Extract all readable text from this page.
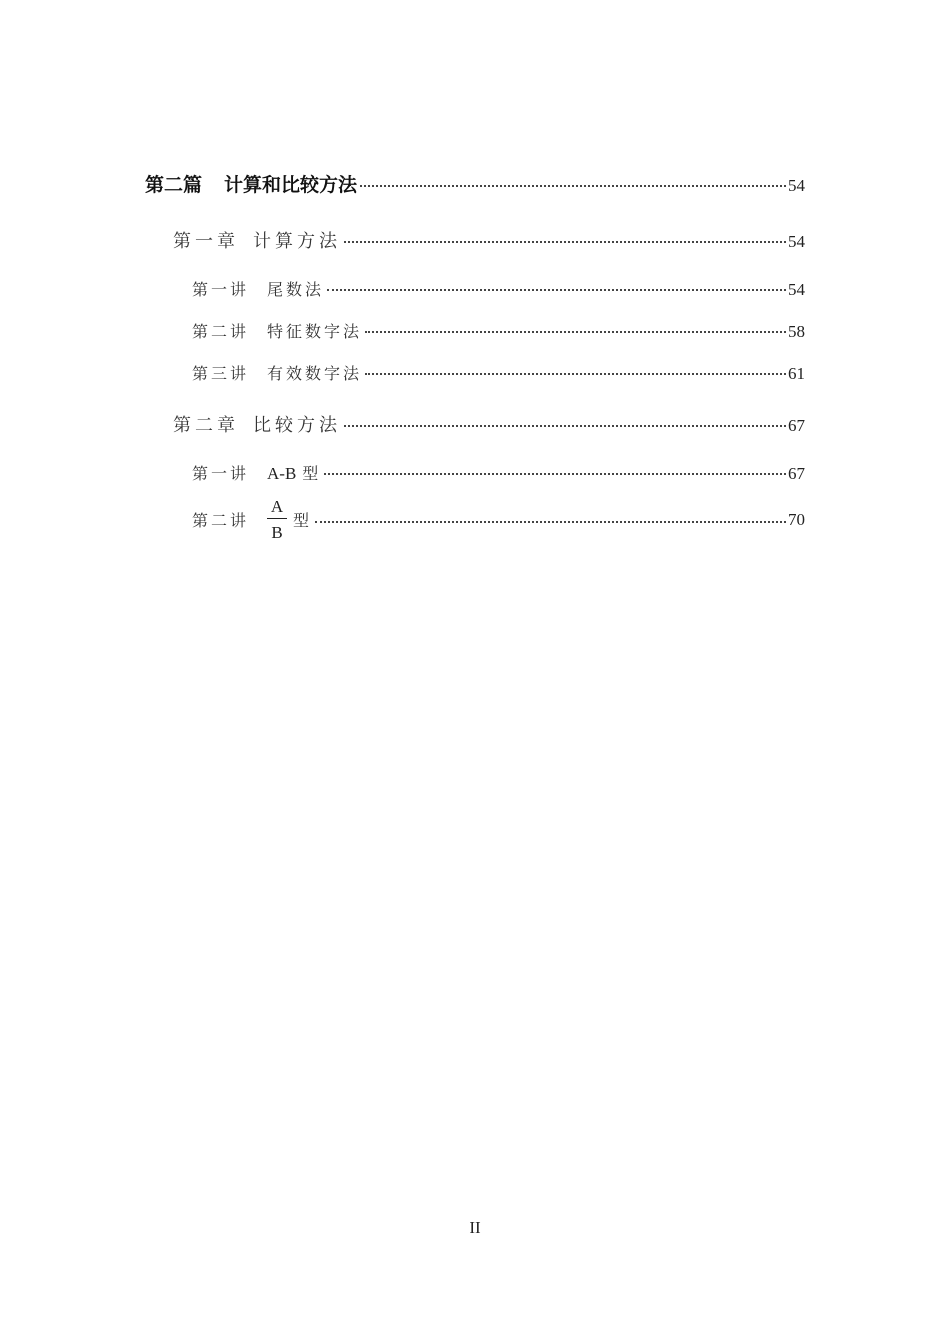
第二篇 计算和比较方法	54
第一章 计算方法	54
第一讲 尾数法	54
第二讲 特征数字法	58
第三讲 有效数字法	61
第二章 比较方法	67
第一讲 A-B 型	67
第二讲 $\frac{A}{B}$ 型	70
II
